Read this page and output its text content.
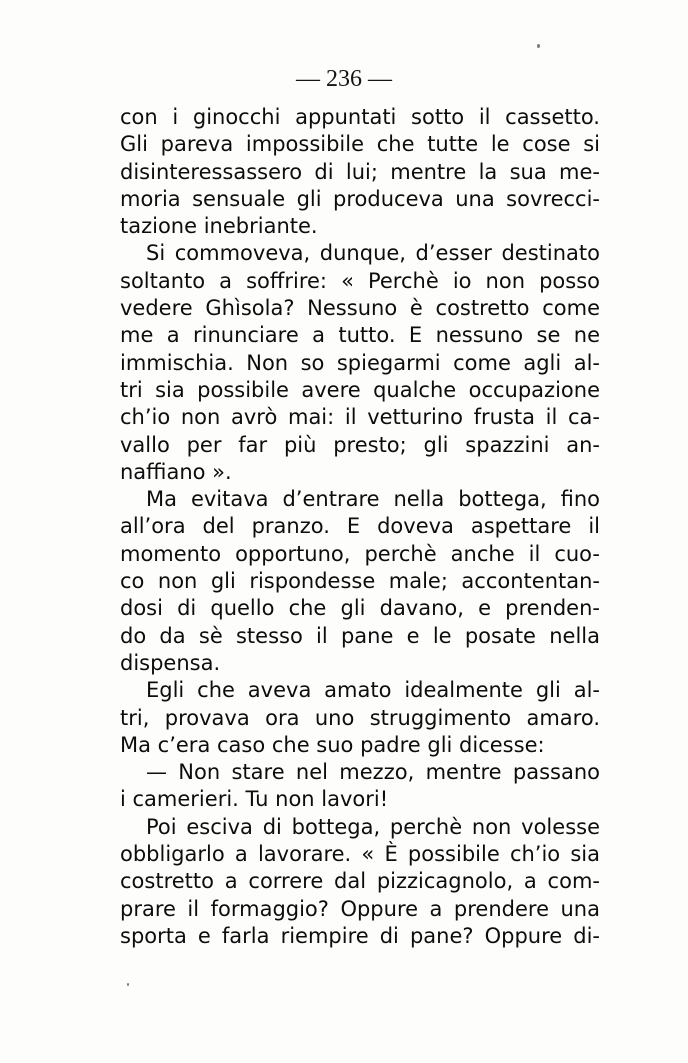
— 236 —
con i ginocchi appuntati sotto il cassetto.
Gli pareva impossibile che tutte le cose si
disinteressassero di lui; mentre la sua me-
moria sensuale gli produceva una sovrecci-
tazione inebriante.
Si commoveva, dunque, d’esser destinato
soltanto a soffrire: « Perchè io non posso
vedere Ghìsola? Nessuno è costretto come
me a rinunciare a tutto. E nessuno se ne
immischia. Non so spiegarmi come agli al-
tri sia possibile avere qualche occupazione
ch’io non avrò mai: il vetturino frusta il ca-
vallo per far più presto; gli spazzini an-
naffiano ».
Ma evitava d’entrare nella bottega, fino
all’ora del pranzo. E doveva aspettare il
momento opportuno, perchè anche il cuo-
co non gli rispondesse male; accontentan-
dosi di quello che gli davano, e prenden-
do da sè stesso il pane e le posate nella
dispensa.
Egli che aveva amato idealmente gli al-
tri, provava ora uno struggimento amaro.
Ma c’era caso che suo padre gli dicesse:
— Non stare nel mezzo, mentre passano
i camerieri. Tu non lavori!
Poi esciva di bottega, perchè non volesse
obbligarlo a lavorare. « È possibile ch’io sia
costretto a correre dal pizzicagnolo, a com-
prare il formaggio? Oppure a prendere una
sporta e farla riempire di pane? Oppure di-
